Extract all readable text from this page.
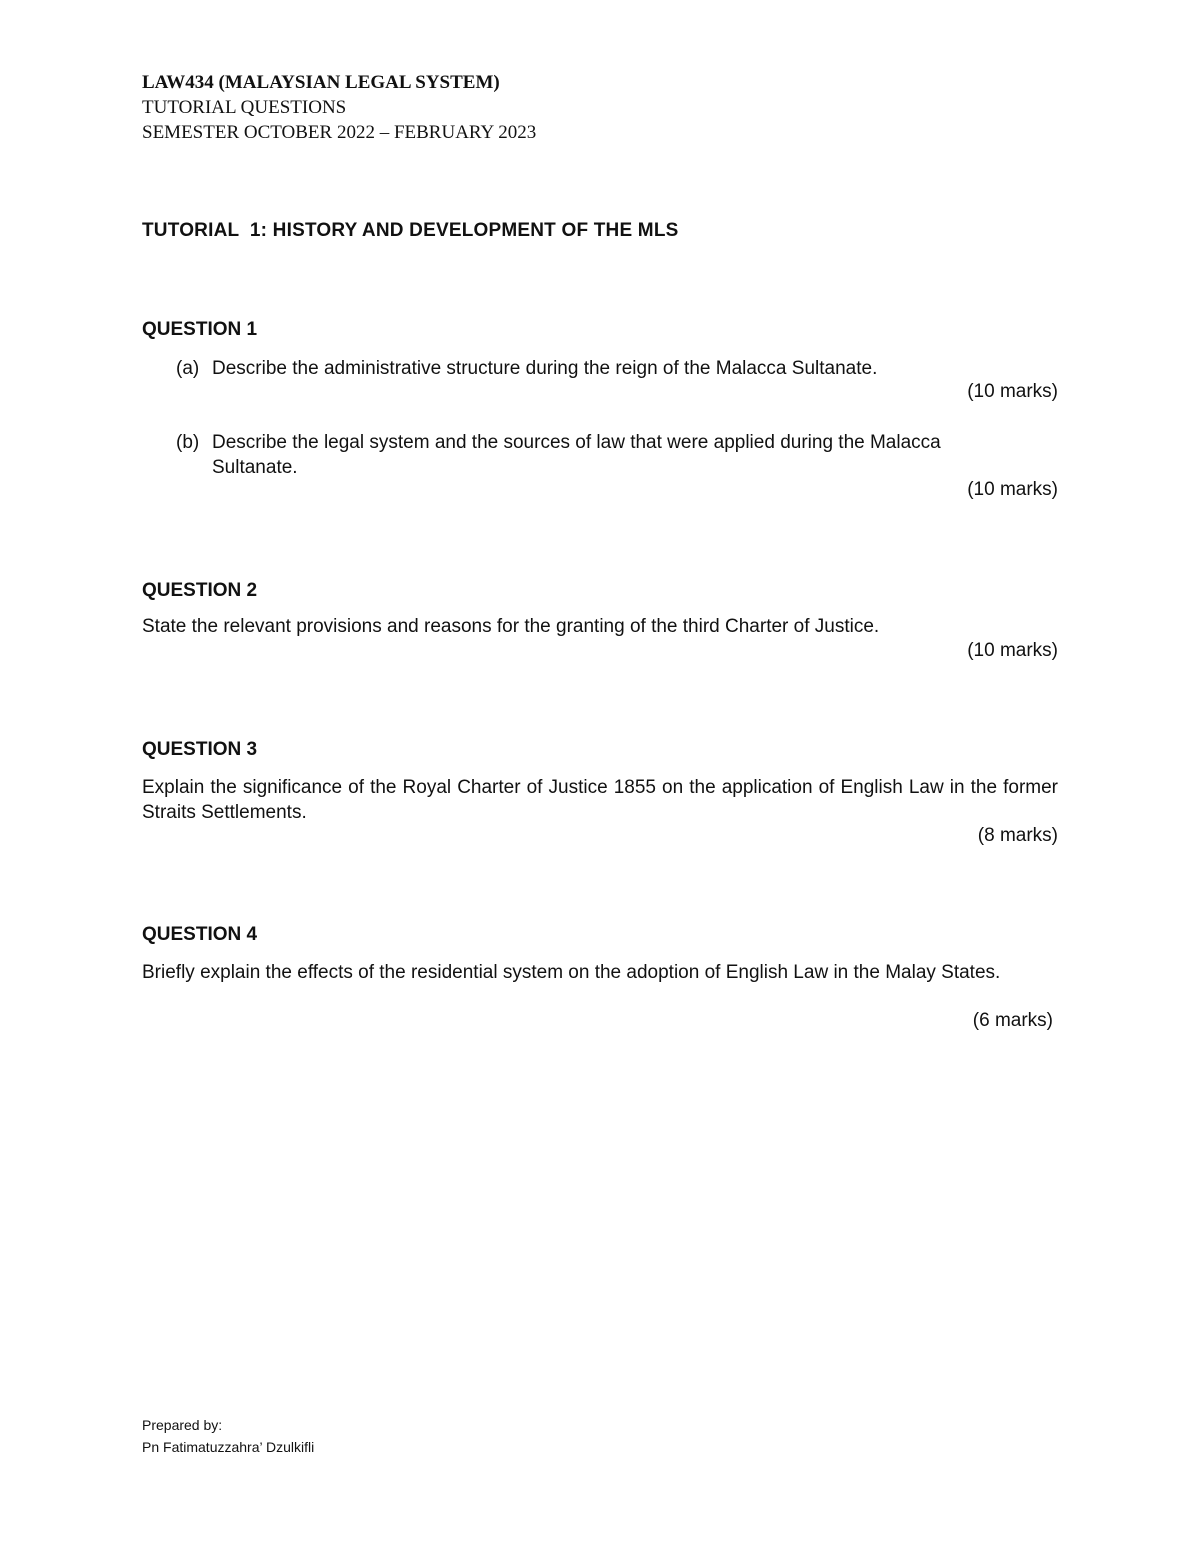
LAW434 (MALAYSIAN LEGAL SYSTEM)
TUTORIAL QUESTIONS
SEMESTER OCTOBER 2022 – FEBRUARY 2023
TUTORIAL  1: HISTORY AND DEVELOPMENT OF THE MLS
QUESTION 1
(a) Describe the administrative structure during the reign of the Malacca Sultanate.
(10 marks)
(b) Describe the legal system and the sources of law that were applied during the Malacca Sultanate.
(10 marks)
QUESTION 2
State the relevant provisions and reasons for the granting of the third Charter of Justice.
(10 marks)
QUESTION 3
Explain the significance of the Royal Charter of Justice 1855 on the application of English Law in the former Straits Settlements.
(8 marks)
QUESTION 4
Briefly explain the effects of the residential system on the adoption of English Law in the Malay States.
(6 marks)
Prepared by:
Pn Fatimatuzzahra’ Dzulkifli
